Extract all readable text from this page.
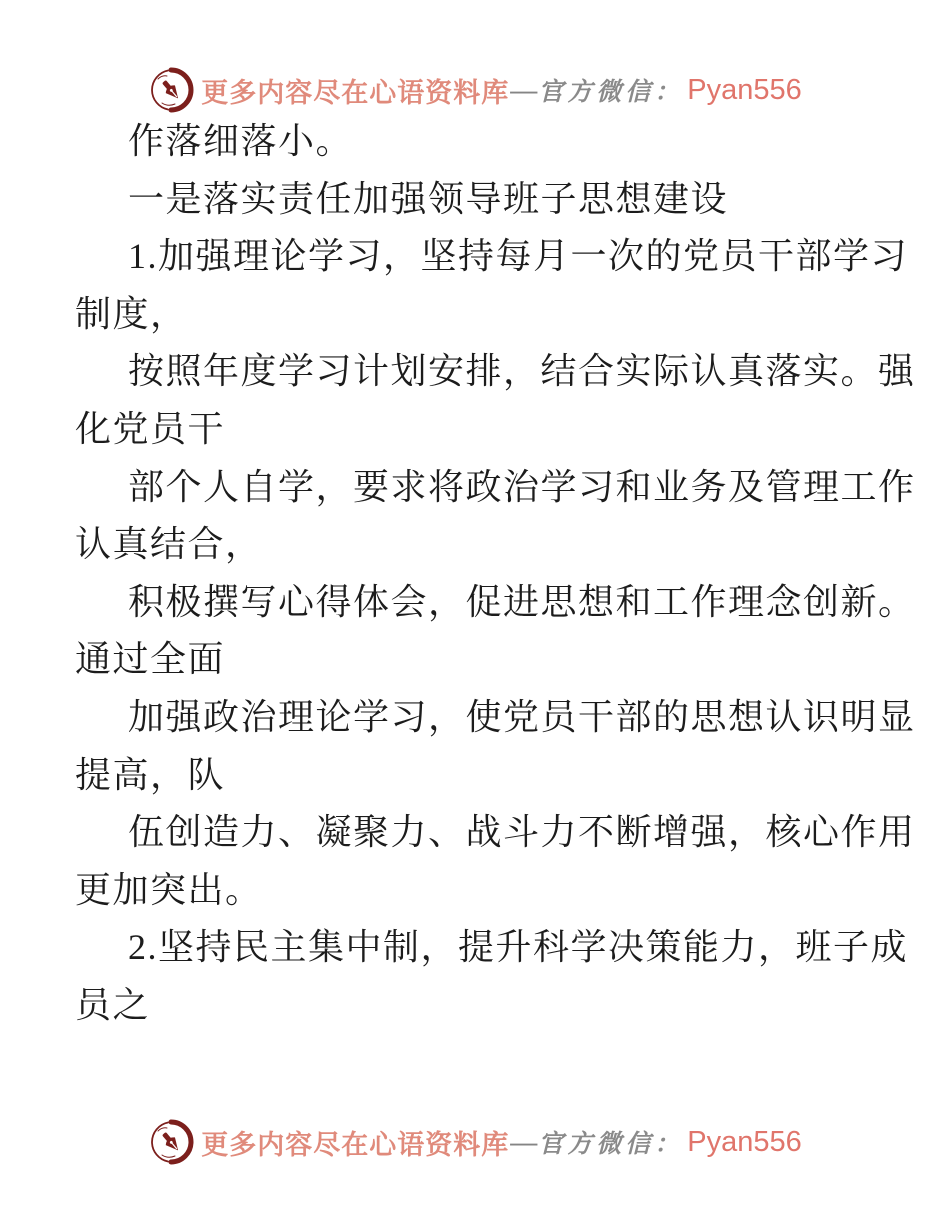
更多内容尽在心语资料库 — 官方微信： Pyan556
作落细落小。
一是落实责任加强领导班子思想建设
1.加强理论学习，坚持每月一次的党员干部学习
制度，
按照年度学习计划安排，结合实际认真落实。强
化党员干
部个人自学，要求将政治学习和业务及管理工作
认真结合，
积极撰写心得体会，促进思想和工作理念创新。
通过全面
加强政治理论学习，使党员干部的思想认识明显
提高，队
伍创造力、凝聚力、战斗力不断增强，核心作用
更加突出。
2.坚持民主集中制，提升科学决策能力，班子成
员之
更多内容尽在心语资料库 — 官方微信： Pyan556
